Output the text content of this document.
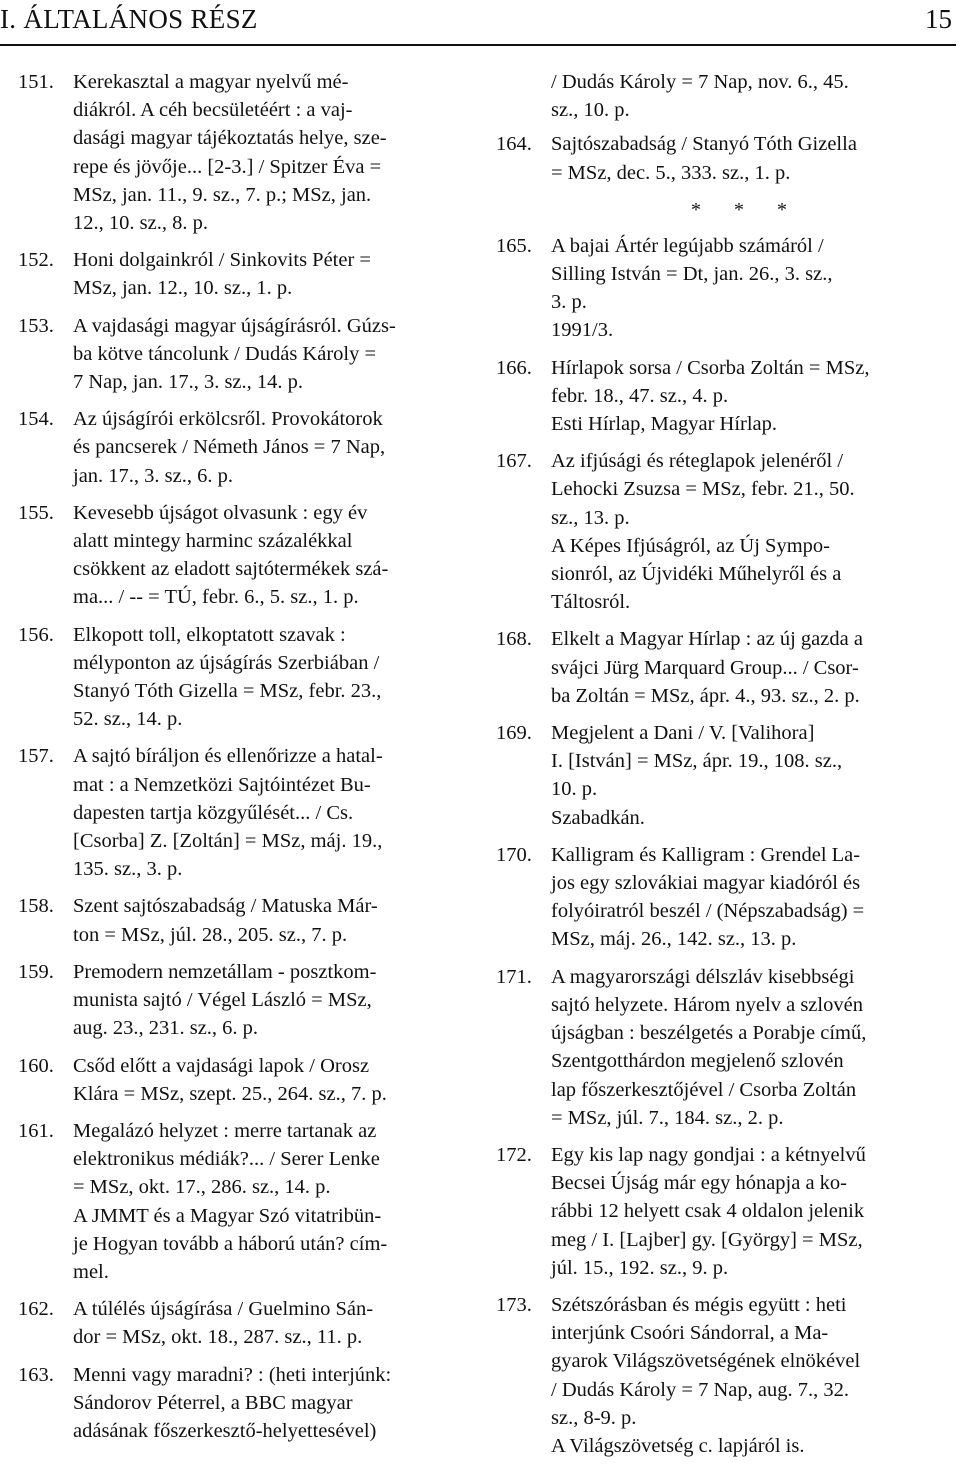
I. ÁLTALÁNOS RÉSZ	15
151. Kerekasztal a magyar nyelvű mé-
diákról. A céh becsületéért : a vaj-
dasági magyar tájékoztatás helye, sze-
repe és jövője... [2-3.] / Spitzer Éva =
MSz, jan. 11., 9. sz., 7. p.; MSz, jan.
12., 10. sz., 8. p.
152. Honi dolgainkról / Sinkovits Péter =
MSz, jan. 12., 10. sz., 1. p.
153. A vajdasági magyar újságírásról. Gúzs-
ba kötve táncolunk / Dudás Károly =
7 Nap, jan. 17., 3. sz., 14. p.
154. Az újságírói erkölcsről. Provokátorok
és pancserek / Németh János = 7 Nap,
jan. 17., 3. sz., 6. p.
155. Kevesebb újságot olvasunk : egy év
alatt mintegy harminc százalékkal
csökkent az eladott sajtótermékek szá-
ma... / -- = TÚ, febr. 6., 5. sz., 1. p.
156. Elkopott toll, elkoptatott szavak :
mélyponton az újságírás Szerbiában /
Stanyó Tóth Gizella = MSz, febr. 23.,
52. sz., 14. p.
157. A sajtó bíráljon és ellenőrizze a hatal-
mat : a Nemzetközi Sajtóintézet Bu-
dapesten tartja közgyűlését... / Cs.
[Csorba] Z. [Zoltán] = MSz, máj. 19.,
135. sz., 3. p.
158. Szent sajtószabadság / Matuska Már-
ton = MSz, júl. 28., 205. sz., 7. p.
159. Premodern nemzetállam - posztkom-
munista sajtó / Végel László = MSz,
aug. 23., 231. sz., 6. p.
160. Csőd előtt a vajdasági lapok / Orosz
Klára = MSz, szept. 25., 264. sz., 7. p.
161. Megalázó helyzet : merre tartanak az
elektronikus médiák?... / Serer Lenke
= MSz, okt. 17., 286. sz., 14. p.
A JMMT és a Magyar Szó vitatribün-
je Hogyan tovább a háború után? cím-
mel.
162. A túlélés újságírása / Guelmino Sán-
dor = MSz, okt. 18., 287. sz., 11. p.
163. Menni vagy maradni? : (heti interjúnk:
Sándorov Péterrel, a BBC magyar
adásának főszerkesztő-helyettesével)
/ Dudás Károly = 7 Nap, nov. 6., 45.
sz., 10. p.
164. Sajtószabadság / Stanyó Tóth Gizella
= MSz, dec. 5., 333. sz., 1. p.
* * *
165. A bajai Ártér legújabb számáról /
Silling István = Dt, jan. 26., 3. sz.,
3. p.
1991/3.
166. Hírlapok sorsa / Csorba Zoltán = MSz,
febr. 18., 47. sz., 4. p.
Esti Hírlap, Magyar Hírlap.
167. Az ifjúsági és réteglapok jelenéről /
Lehocki Zsuzsa = MSz, febr. 21., 50.
sz., 13. p.
A Képes Ifjúságról, az Új Sympo-
sionról, az Újvidéki Műhelyről és a
Táltosról.
168. Elkelt a Magyar Hírlap : az új gazda a
svájci Jürg Marquard Group... / Csor-
ba Zoltán = MSz, ápr. 4., 93. sz., 2. p.
169. Megjelent a Dani / V. [Valihora]
I. [István] = MSz, ápr. 19., 108. sz.,
10. p.
Szabadkán.
170. Kalligram és Kalligram : Grendel La-
jos egy szlovákiai magyar kiadóról és
folyóiratról beszél / (Népszabadság) =
MSz, máj. 26., 142. sz., 13. p.
171. A magyarországi délszláv kisebbségi
sajtó helyzete. Három nyelv a szlovén
újságban : beszélgetés a Porabje című,
Szentgotthárdon megjelenő szlovén
lap főszerkesztőjével / Csorba Zoltán
= MSz, júl. 7., 184. sz., 2. p.
172. Egy kis lap nagy gondjai : a kétnyelvű
Becsei Újság már egy hónapja a ko-
rábbi 12 helyett csak 4 oldalon jelenik
meg / I. [Lajber] gy. [György] = MSz,
júl. 15., 192. sz., 9. p.
173. Szétszórásban és mégis együtt : heti
interjúnk Csoóri Sándorral, a Ma-
gyarok Világszövetségének elnökével
/ Dudás Károly = 7 Nap, aug. 7., 32.
sz., 8-9. p.
A Világszövetség c. lapjáról is.
